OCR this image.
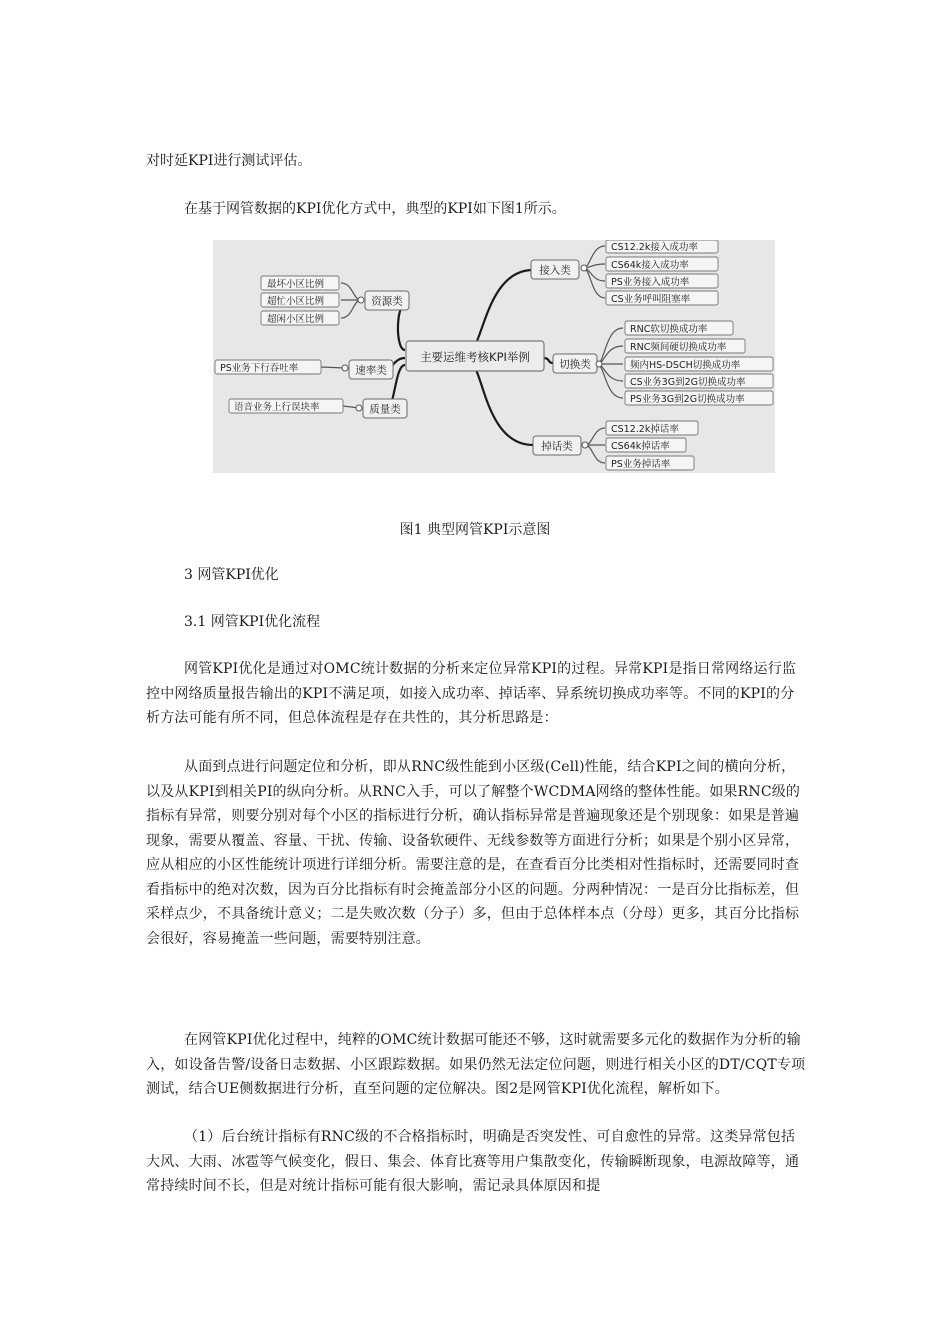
对时延KPI进行测试评估。

在基于网管数据的KPI优化方式中，典型的KPI如下图1所示。

主要运维考核KPI举例
接入类
切换类
掉话类
资源类
速率类
质量类
CS12.2k接入成功率
CS64k接入成功率
PS业务接入成功率
CS业务呼叫阻塞率
RNC软切换成功率
RNC频间硬切换成功率
频内HS-DSCH切换成功率
CS业务3G到2G切换成功率
PS业务3G到2G切换成功率
CS12.2k掉话率
CS64k掉话率
PS业务掉话率
最坏小区比例
超忙小区比例
超闲小区比例
PS业务下行吞吐率
语音业务上行误块率
图1 典型网管KPI示意图

3 网管KPI优化

3.1 网管KPI优化流程

网管KPI优化是通过对OMC统计数据的分析来定位异常KPI的过程。异常KPI是指日常网络运行监控中网络质量报告输出的KPI不满足项，如接入成功率、掉话率、异系统切换成功率等。不同的KPI的分析方法可能有所不同，但总体流程是存在共性的，其分析思路是：

从面到点进行问题定位和分析，即从RNC级性能到小区级(Cell)性能，结合KPI之间的横向分析，以及从KPI到相关PI的纵向分析。从RNC入手，可以了解整个WCDMA网络的整体性能。如果RNC级的指标有异常，则要分别对每个小区的指标进行分析，确认指标异常是普遍现象还是个别现象：如果是普遍现象，需要从覆盖、容量、干扰、传输、设备软硬件、无线参数等方面进行分析；如果是个别小区异常，应从相应的小区性能统计项进行详细分析。需要注意的是，在查看百分比类相对性指标时，还需要同时查看指标中的绝对次数，因为百分比指标有时会掩盖部分小区的问题。分两种情况：一是百分比指标差，但采样点少，不具备统计意义；二是失败次数（分子）多，但由于总体样本点（分母）更多，其百分比指标会很好，容易掩盖一些问题，需要特别注意。

在网管KPI优化过程中，纯粹的OMC统计数据可能还不够，这时就需要多元化的数据作为分析的输入，如设备告警/设备日志数据、小区跟踪数据。如果仍然无法定位问题，则进行相关小区的DT/CQT专项测试，结合UE侧数据进行分析，直至问题的定位解决。图2是网管KPI优化流程，解析如下。

（1）后台统计指标有RNC级的不合格指标时，明确是否突发性、可自愈性的异常。这类异常包括大风、大雨、冰雹等气候变化，假日、集会、体育比赛等用户集散变化，传输瞬断现象，电源故障等，通常持续时间不长，但是对统计指标可能有很大影响，需记录具体原因和提
